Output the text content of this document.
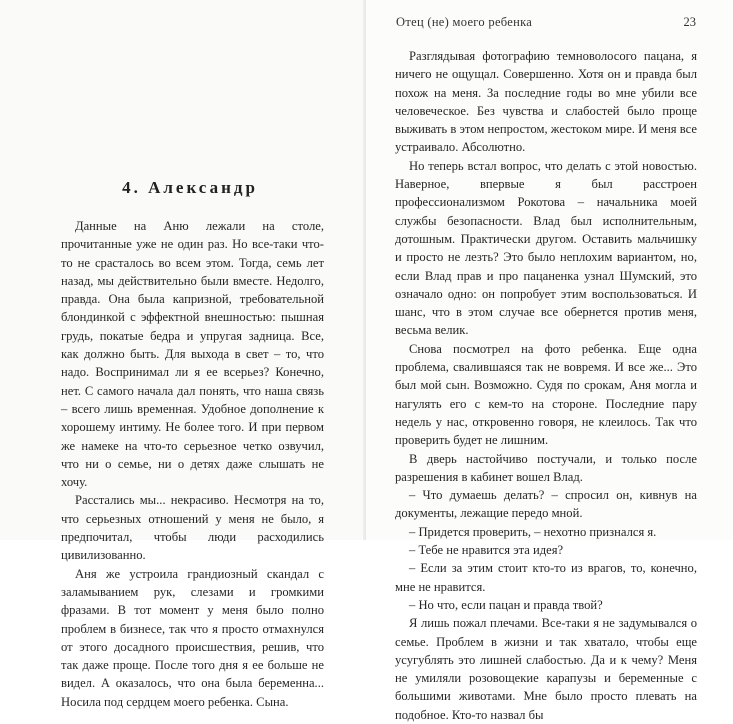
4. Александр

Данные на Аню лежали на столе, прочитанные уже не один раз. Но все-таки что-то не срасталось во всем этом. Тогда, семь лет назад, мы действительно были вместе. Недолго, правда. Она была капризной, требовательной блондинкой с эффектной внешностью: пышная грудь, покатые бедра и упругая задница. Все, как должно быть. Для выхода в свет – то, что надо. Воспринимал ли я ее всерьез? Конечно, нет. С самого начала дал понять, что наша связь – всего лишь временная. Удобное дополнение к хорошему интиму. Не более того. И при первом же намеке на что-то серьезное четко озвучил, что ни о семье, ни о детях даже слышать не хочу.

Расстались мы... некрасиво. Несмотря на то, что серьезных отношений у меня не было, я предпочитал, чтобы люди расходились цивилизованно.

Аня же устроила грандиозный скандал с заламыванием рук, слезами и громкими фразами. В тот момент у меня было полно проблем в бизнесе, так что я просто отмахнулся от этого досадного происшествия, решив, что так даже проще. После того дня я ее больше не видел. А оказалось, что она была беременна... Носила под сердцем моего ребенка. Сына.

Отец (не) моего ребенка	23

Разглядывая фотографию темноволосого пацана, я ничего не ощущал. Совершенно. Хотя он и правда был похож на меня. За последние годы во мне убили все человеческое. Без чувства и слабостей было проще выживать в этом непростом, жестоком мире. И меня все устраивало. Абсолютно.

Но теперь встал вопрос, что делать с этой новостью. Наверное, впервые я был расстроен профессионализмом Рокотова – начальника моей службы безопасности. Влад был исполнительным, дотошным. Практически другом. Оставить мальчишку и просто не лезть? Это было неплохим вариантом, но, если Влад прав и про пацаненка узнал Шумский, это означало одно: он попробует этим воспользоваться. И шанс, что в этом случае все обернется против меня, весьма велик.

Снова посмотрел на фото ребенка. Еще одна проблема, свалившаяся так не вовремя. И все же... Это был мой сын. Возможно. Судя по срокам, Аня могла и нагулять его с кем-то на стороне. Последние пару недель у нас, откровенно говоря, не клеилось. Так что проверить будет не лишним.

В дверь настойчиво постучали, и только после разрешения в кабинет вошел Влад.

– Что думаешь делать? – спросил он, кивнув на документы, лежащие передо мной.

– Придется проверить, – нехотно признался я.

– Тебе не нравится эта идея?

– Если за этим стоит кто-то из врагов, то, конечно, мне не нравится.

– Но что, если пацан и правда твой?

Я лишь пожал плечами. Все-таки я не задумывался о семье. Проблем в жизни и так хватало, чтобы еще усугублять это лишней слабостью. Да и к чему? Меня не умиляли розовощекие карапузы и беременные с большими животами. Мне было просто плевать на подобное. Кто-то назвал бы
